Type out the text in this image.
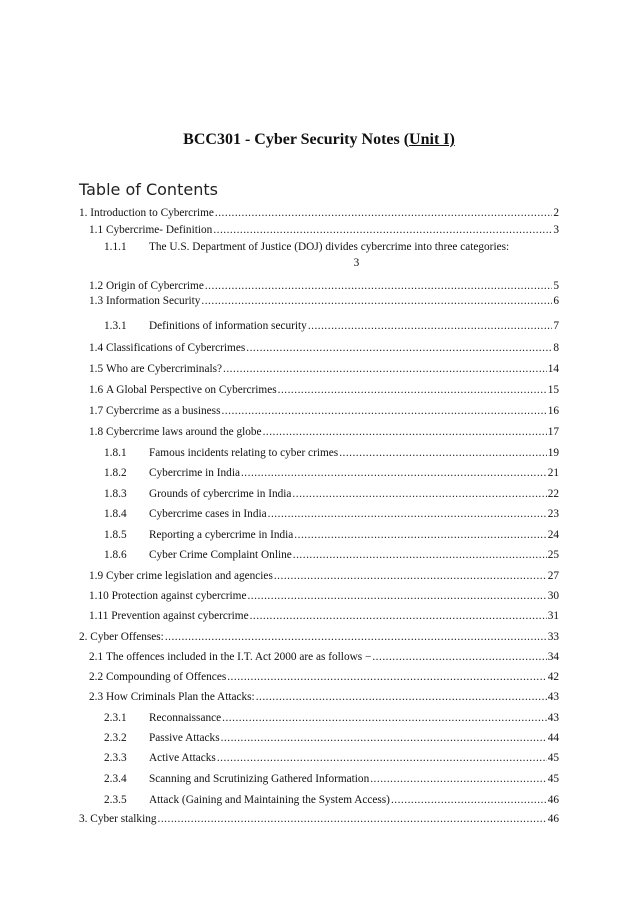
BCC301 - Cyber Security Notes (Unit I)
Table of Contents
1. Introduction to Cybercrime .....	2
1.1 Cybercrime- Definition .....	3
1.1.1	The U.S. Department of Justice (DOJ) divides cybercrime into three categories:
3
1.2 Origin of Cybercrime .....	5
1.3 Information Security .....	6
1.3.1	Definitions of information security .....	7
1.4 Classifications of Cybercrimes .....	8
1.5 Who are Cybercriminals? .....	14
1.6 A Global Perspective on Cybercrimes .....	15
1.7 Cybercrime as a business .....	16
1.8 Cybercrime laws around the globe .....	17
1.8.1	Famous incidents relating to cyber crimes .....	19
1.8.2	Cybercrime in India .....	21
1.8.3	Grounds of cybercrime in India .....	22
1.8.4	Cybercrime cases in India .....	23
1.8.5	Reporting a cybercrime in India .....	24
1.8.6	Cyber Crime Complaint Online .....	25
1.9 Cyber crime legislation and agencies .....	27
1.10 Protection against cybercrime .....	30
1.11 Prevention against cybercrime .....	31
2. Cyber Offenses: .....	33
2.1 The offences included in the I.T. Act 2000 are as follows − .....	34
2.2 Compounding of Offences .....	42
2.3 How Criminals Plan the Attacks: .....	43
2.3.1	Reconnaissance .....	43
2.3.2	Passive Attacks .....	44
2.3.3	Active Attacks .....	45
2.3.4	Scanning and Scrutinizing Gathered Information .....	45
2.3.5	Attack (Gaining and Maintaining the System Access) .....	46
3. Cyber stalking .....	46
